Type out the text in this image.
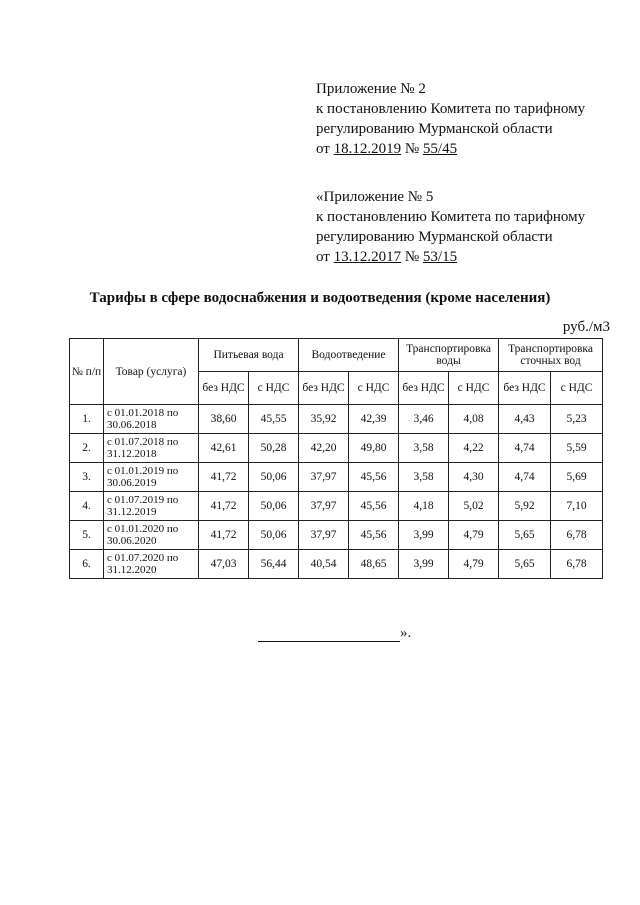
Приложение № 2
к постановлению Комитета по тарифному
регулированию Мурманской области
от 18.12.2019 № 55/45
«Приложение № 5
к постановлению Комитета по тарифному
регулированию Мурманской области
от 13.12.2017 № 53/15
Тарифы в сфере водоснабжения и водоотведения (кроме населения)
руб./м3
№ п/п	Товар (услуга)	Питьевая вода		Водоотведение		Транспортировка воды		Транспортировка сточных вод	
		без НДС	с НДС	без НДС	с НДС	без НДС	с НДС	без НДС	с НДС
1.	с 01.01.2018 по 30.06.2018	38,60	45,55	35,92	42,39	3,46	4,08	4,43	5,23
2.	с 01.07.2018 по 31.12.2018	42,61	50,28	42,20	49,80	3,58	4,22	4,74	5,59
3.	с 01.01.2019 по 30.06.2019	41,72	50,06	37,97	45,56	3,58	4,30	4,74	5,69
4.	с 01.07.2019 по 31.12.2019	41,72	50,06	37,97	45,56	4,18	5,02	5,92	7,10
5.	с 01.01.2020 по 30.06.2020	41,72	50,06	37,97	45,56	3,99	4,79	5,65	6,78
6.	с 01.07.2020 по 31.12.2020	47,03	56,44	40,54	48,65	3,99	4,79	5,65	6,78
».
